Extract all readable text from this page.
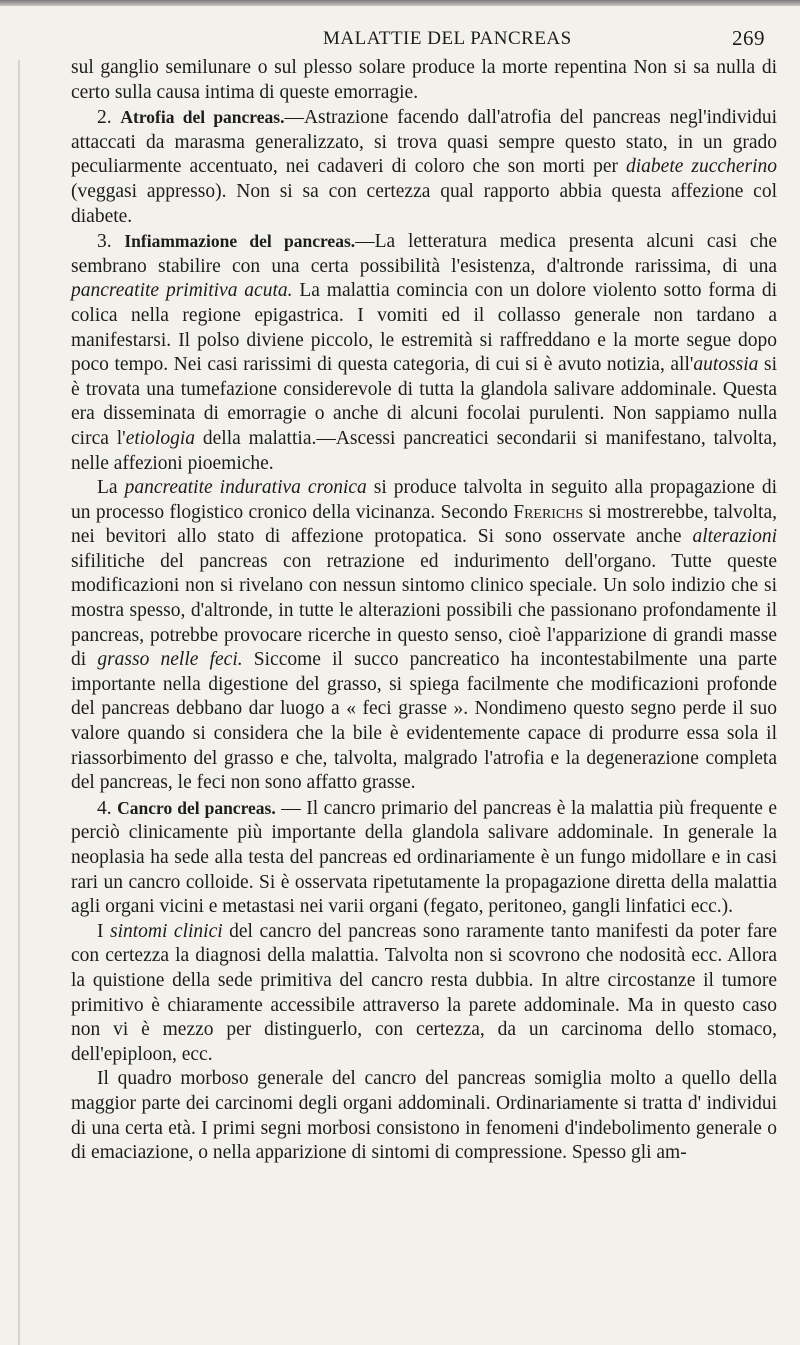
MALATTIE DEL PANCREAS	269

sul ganglio semilunare o sul plesso solare produce la morte repentina Non si sa nulla di certo sulla causa intima di queste emorragie.

2. Atrofia del pancreas.—Astrazione facendo dall'atrofia del pancreas negl'individui attaccati da marasma generalizzato, si trova quasi sempre questo stato, in un grado peculiarmente accentuato, nei cadaveri di coloro che son morti per diabete zuccherino (veggasi appresso). Non si sa con certezza qual rapporto abbia questa affezione col diabete.

3. Infiammazione del pancreas.—La letteratura medica presenta alcuni casi che sembrano stabilire con una certa possibilità l'esistenza, d'altronde rarissima, di una pancreatite primitiva acuta. La malattia comincia con un dolore violento sotto forma di colica nella regione epigastrica. I vomiti ed il collasso generale non tardano a manifestarsi. Il polso diviene piccolo, le estremità si raffreddano e la morte segue dopo poco tempo. Nei casi rarissimi di questa categoria, di cui si è avuto notizia, all'autossia si è trovata una tumefazione considerevole di tutta la glandola salivare addominale. Questa era disseminata di emorragie o anche di alcuni focolai purulenti. Non sappiamo nulla circa l'etiologia della malattia.—Ascessi pancreatici secondarii si manifestano, talvolta, nelle affezioni pioemiche.

La pancreatite indurativa cronica si produce talvolta in seguito alla propagazione di un processo flogistico cronico della vicinanza. Secondo Frerichs si mostrerebbe, talvolta, nei bevitori allo stato di affezione protopatica. Si sono osservate anche alterazioni sifilitiche del pancreas con retrazione ed indurimento dell'organo. Tutte queste modificazioni non si rivelano con nessun sintomo clinico speciale. Un solo indizio che si mostra spesso, d'altronde, in tutte le alterazioni possibili che passionano profondamente il pancreas, potrebbe provocare ricerche in questo senso, cioè l'apparizione di grandi masse di grasso nelle feci. Siccome il succo pancreatico ha incontestabilmente una parte importante nella digestione del grasso, si spiega facilmente che modificazioni profonde del pancreas debbano dar luogo a « feci grasse ». Nondimeno questo segno perde il suo valore quando si considera che la bile è evidentemente capace di produrre essa sola il riassorbimento del grasso e che, talvolta, malgrado l'atrofia e la degenerazione completa del pancreas, le feci non sono affatto grasse.

4. Cancro del pancreas. — Il cancro primario del pancreas è la malattia più frequente e perciò clinicamente più importante della glandola salivare addominale. In generale la neoplasia ha sede alla testa del pancreas ed ordinariamente è un fungo midollare e in casi rari un cancro colloide. Si è osservata ripetutamente la propagazione diretta della malattia agli organi vicini e metastasi nei varii organi (fegato, peritoneo, gangli linfatici ecc.).

I sintomi clinici del cancro del pancreas sono raramente tanto manifesti da poter fare con certezza la diagnosi della malattia. Talvolta non si scovrono che nodosità ecc. Allora la quistione della sede primitiva del cancro resta dubbia. In altre circostanze il tumore primitivo è chiaramente accessibile attraverso la parete addominale. Ma in questo caso non vi è mezzo per distinguerlo, con certezza, da un carcinoma dello stomaco, dell'epiploon, ecc.

Il quadro morboso generale del cancro del pancreas somiglia molto a quello della maggior parte dei carcinomi degli organi addominali. Ordinariamente si tratta d' individui di una certa età. I primi segni morbosi consistono in fenomeni d'indebolimento generale o di emaciazione, o nella apparizione di sintomi di compressione. Spesso gli am-
